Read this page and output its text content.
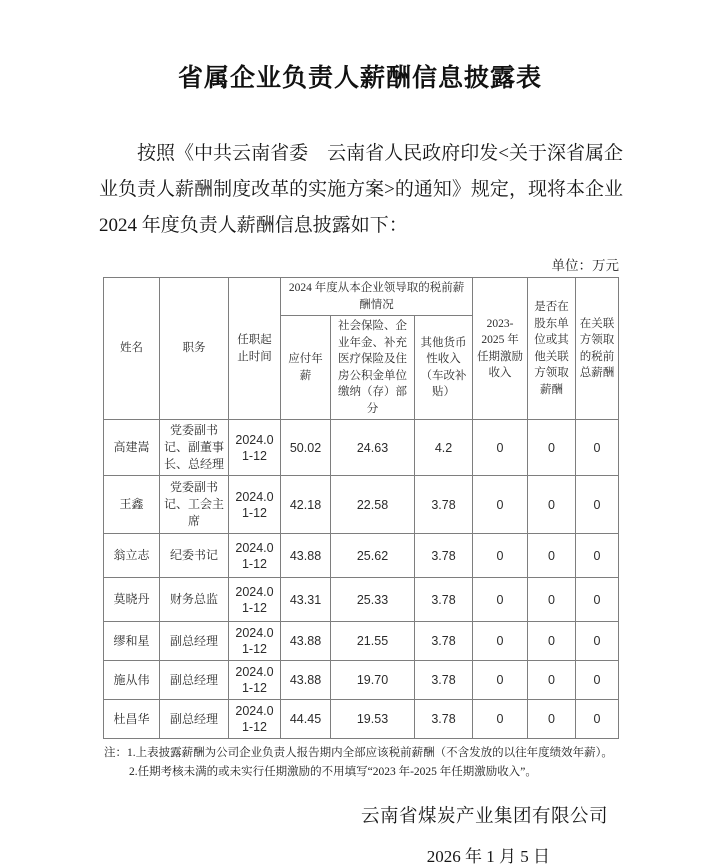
省属企业负责人薪酬信息披露表
按照《中共云南省委　云南省人民政府印发<关于深省属企业负责人薪酬制度改革的实施方案>的通知》规定，现将本企业 2024 年度负责人薪酬信息披露如下：
单位：万元
姓名	职务	任职起止时间	2024 年度从本企业领导取的税前薪酬情况			2023-2025 年任期激励收入	是否在股东单位或其他关联方领取薪酬	在关联方领取的税前总薪酬
			应付年薪	社会保险、企业年金、补充医疗保险及住房公积金单位缴纳（存）部分	其他货币性收入（车改补贴）			
高建嵩	党委副书记、副董事长、总经理	2024.01-12	50.02	24.63	4.2	0	0	0
王鑫	党委副书记、工会主席	2024.01-12	42.18	22.58	3.78	0	0	0
翁立志	纪委书记	2024.01-12	43.88	25.62	3.78	0	0	0
莫晓丹	财务总监	2024.01-12	43.31	25.33	3.78	0	0	0
缪和星	副总经理	2024.01-12	43.88	21.55	3.78	0	0	0
施从伟	副总经理	2024.01-12	43.88	19.70	3.78	0	0	0
杜昌华	副总经理	2024.01-12	44.45	19.53	3.78	0	0	0
注： 1.上表披露薪酬为公司企业负责人报告期内全部应该税前薪酬（不含发放的以往年度绩效年薪）。
2.任期考核未满的或未实行任期激励的不用填写“2023 年-2025 年任期激励收入”。
云南省煤炭产业集团有限公司
2026 年 1 月 5 日
